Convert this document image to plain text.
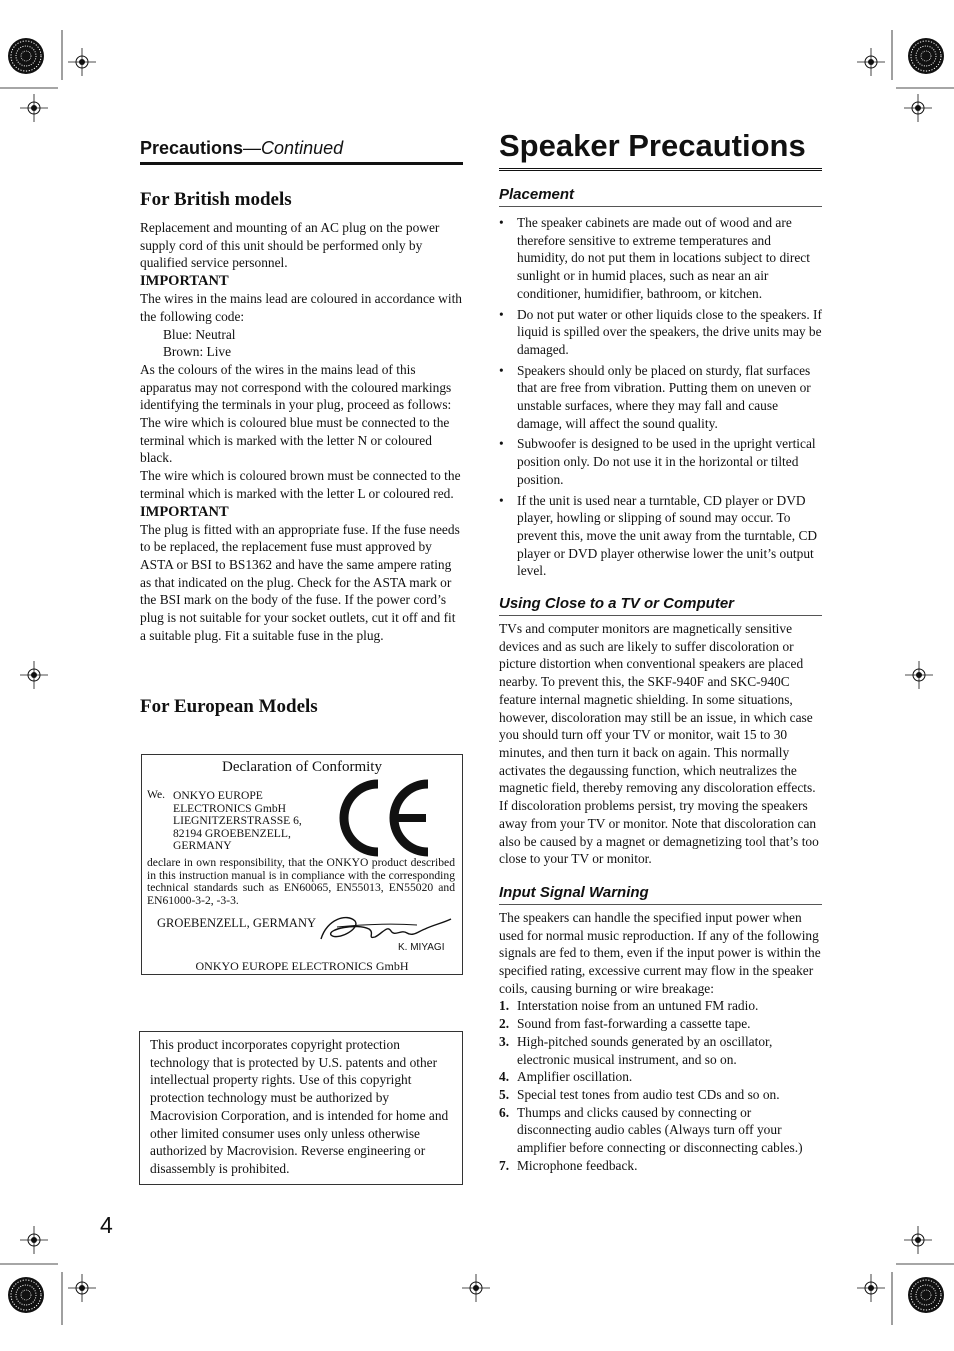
Precautions—Continued
For British models

Replacement and mounting of an AC plug on the power supply cord of this unit should be performed only by qualified service personnel.

IMPORTANT

The wires in the mains lead are coloured in accordance with the following code:

Blue: Neutral

Brown: Live

As the colours of the wires in the mains lead of this apparatus may not correspond with the coloured markings identifying the terminals in your plug, proceed as follows:

The wire which is coloured blue must be connected to the terminal which is marked with the letter N or coloured black.

The wire which is coloured brown must be connected to the terminal which is marked with the letter L or coloured red.

IMPORTANT

The plug is fitted with an appropriate fuse. If the fuse needs to be replaced, the replacement fuse must approved by ASTA or BSI to BS1362 and have the same ampere rating as that indicated on the plug. Check for the ASTA mark or the BSI mark on the body of the fuse. If the power cord’s plug is not suitable for your socket outlets, cut it off and fit a suitable plug. Fit a suitable fuse in the plug.

For European Models
Declaration of Conformity
We. ONKYO EUROPE
ELECTRONICS GmbH
LIEGNITZERSTRASSE 6,
82194 GROEBENZELL,
GERMANY
declare in own responsibility, that the ONKYO product described in this instruction manual is in compliance with the corresponding technical standards such as EN60065, EN55013, EN55020 and EN61000-3-2, -3-3.
GROEBENZELL, GERMANY
K. MIYAGI
ONKYO EUROPE ELECTRONICS GmbH

This product incorporates copyright protection technology that is protected by U.S. patents and other intellectual property rights. Use of this copyright protection technology must be authorized by Macrovision Corporation, and is intended for home and other limited consumer uses only unless otherwise authorized by Macrovision. Reverse engineering or disassembly is prohibited.

Speaker Precautions
Placement
• The speaker cabinets are made out of wood and are therefore sensitive to extreme temperatures and humidity, do not put them in locations subject to direct sunlight or in humid places, such as near an air conditioner, humidifier, bathroom, or kitchen.
• Do not put water or other liquids close to the speakers. If liquid is spilled over the speakers, the drive units may be damaged.
• Speakers should only be placed on sturdy, flat surfaces that are free from vibration. Putting them on uneven or unstable surfaces, where they may fall and cause damage, will affect the sound quality.
• Subwoofer is designed to be used in the upright vertical position only. Do not use it in the horizontal or tilted position.
• If the unit is used near a turntable, CD player or DVD player, howling or slipping of sound may occur. To prevent this, move the unit away from the turntable, CD player or DVD player otherwise lower the unit’s output level.
Using Close to a TV or Computer

TVs and computer monitors are magnetically sensitive devices and as such are likely to suffer discoloration or picture distortion when conventional speakers are placed nearby. To prevent this, the SKF-940F and SKC-940C feature internal magnetic shielding. In some situations, however, discoloration may still be an issue, in which case you should turn off your TV or monitor, wait 15 to 30 minutes, and then turn it back on again. This normally activates the degaussing function, which neutralizes the magnetic field, thereby removing any discoloration effects. If discoloration problems persist, try moving the speakers away from your TV or monitor. Note that discoloration can also be caused by a magnet or demagnetizing tool that’s too close to your TV or monitor.

Input Signal Warning

The speakers can handle the specified input power when used for normal music reproduction. If any of the following signals are fed to them, even if the input power is within the specified rating, excessive current may flow in the speaker coils, causing burning or wire breakage:

1. Interstation noise from an untuned FM radio.
2. Sound from fast-forwarding a cassette tape.
3. High-pitched sounds generated by an oscillator, electronic musical instrument, and so on.
4. Amplifier oscillation.
5. Special test tones from audio test CDs and so on.
6. Thumps and clicks caused by connecting or disconnecting audio cables (Always turn off your amplifier before connecting or disconnecting cables.)
7. Microphone feedback.
4
